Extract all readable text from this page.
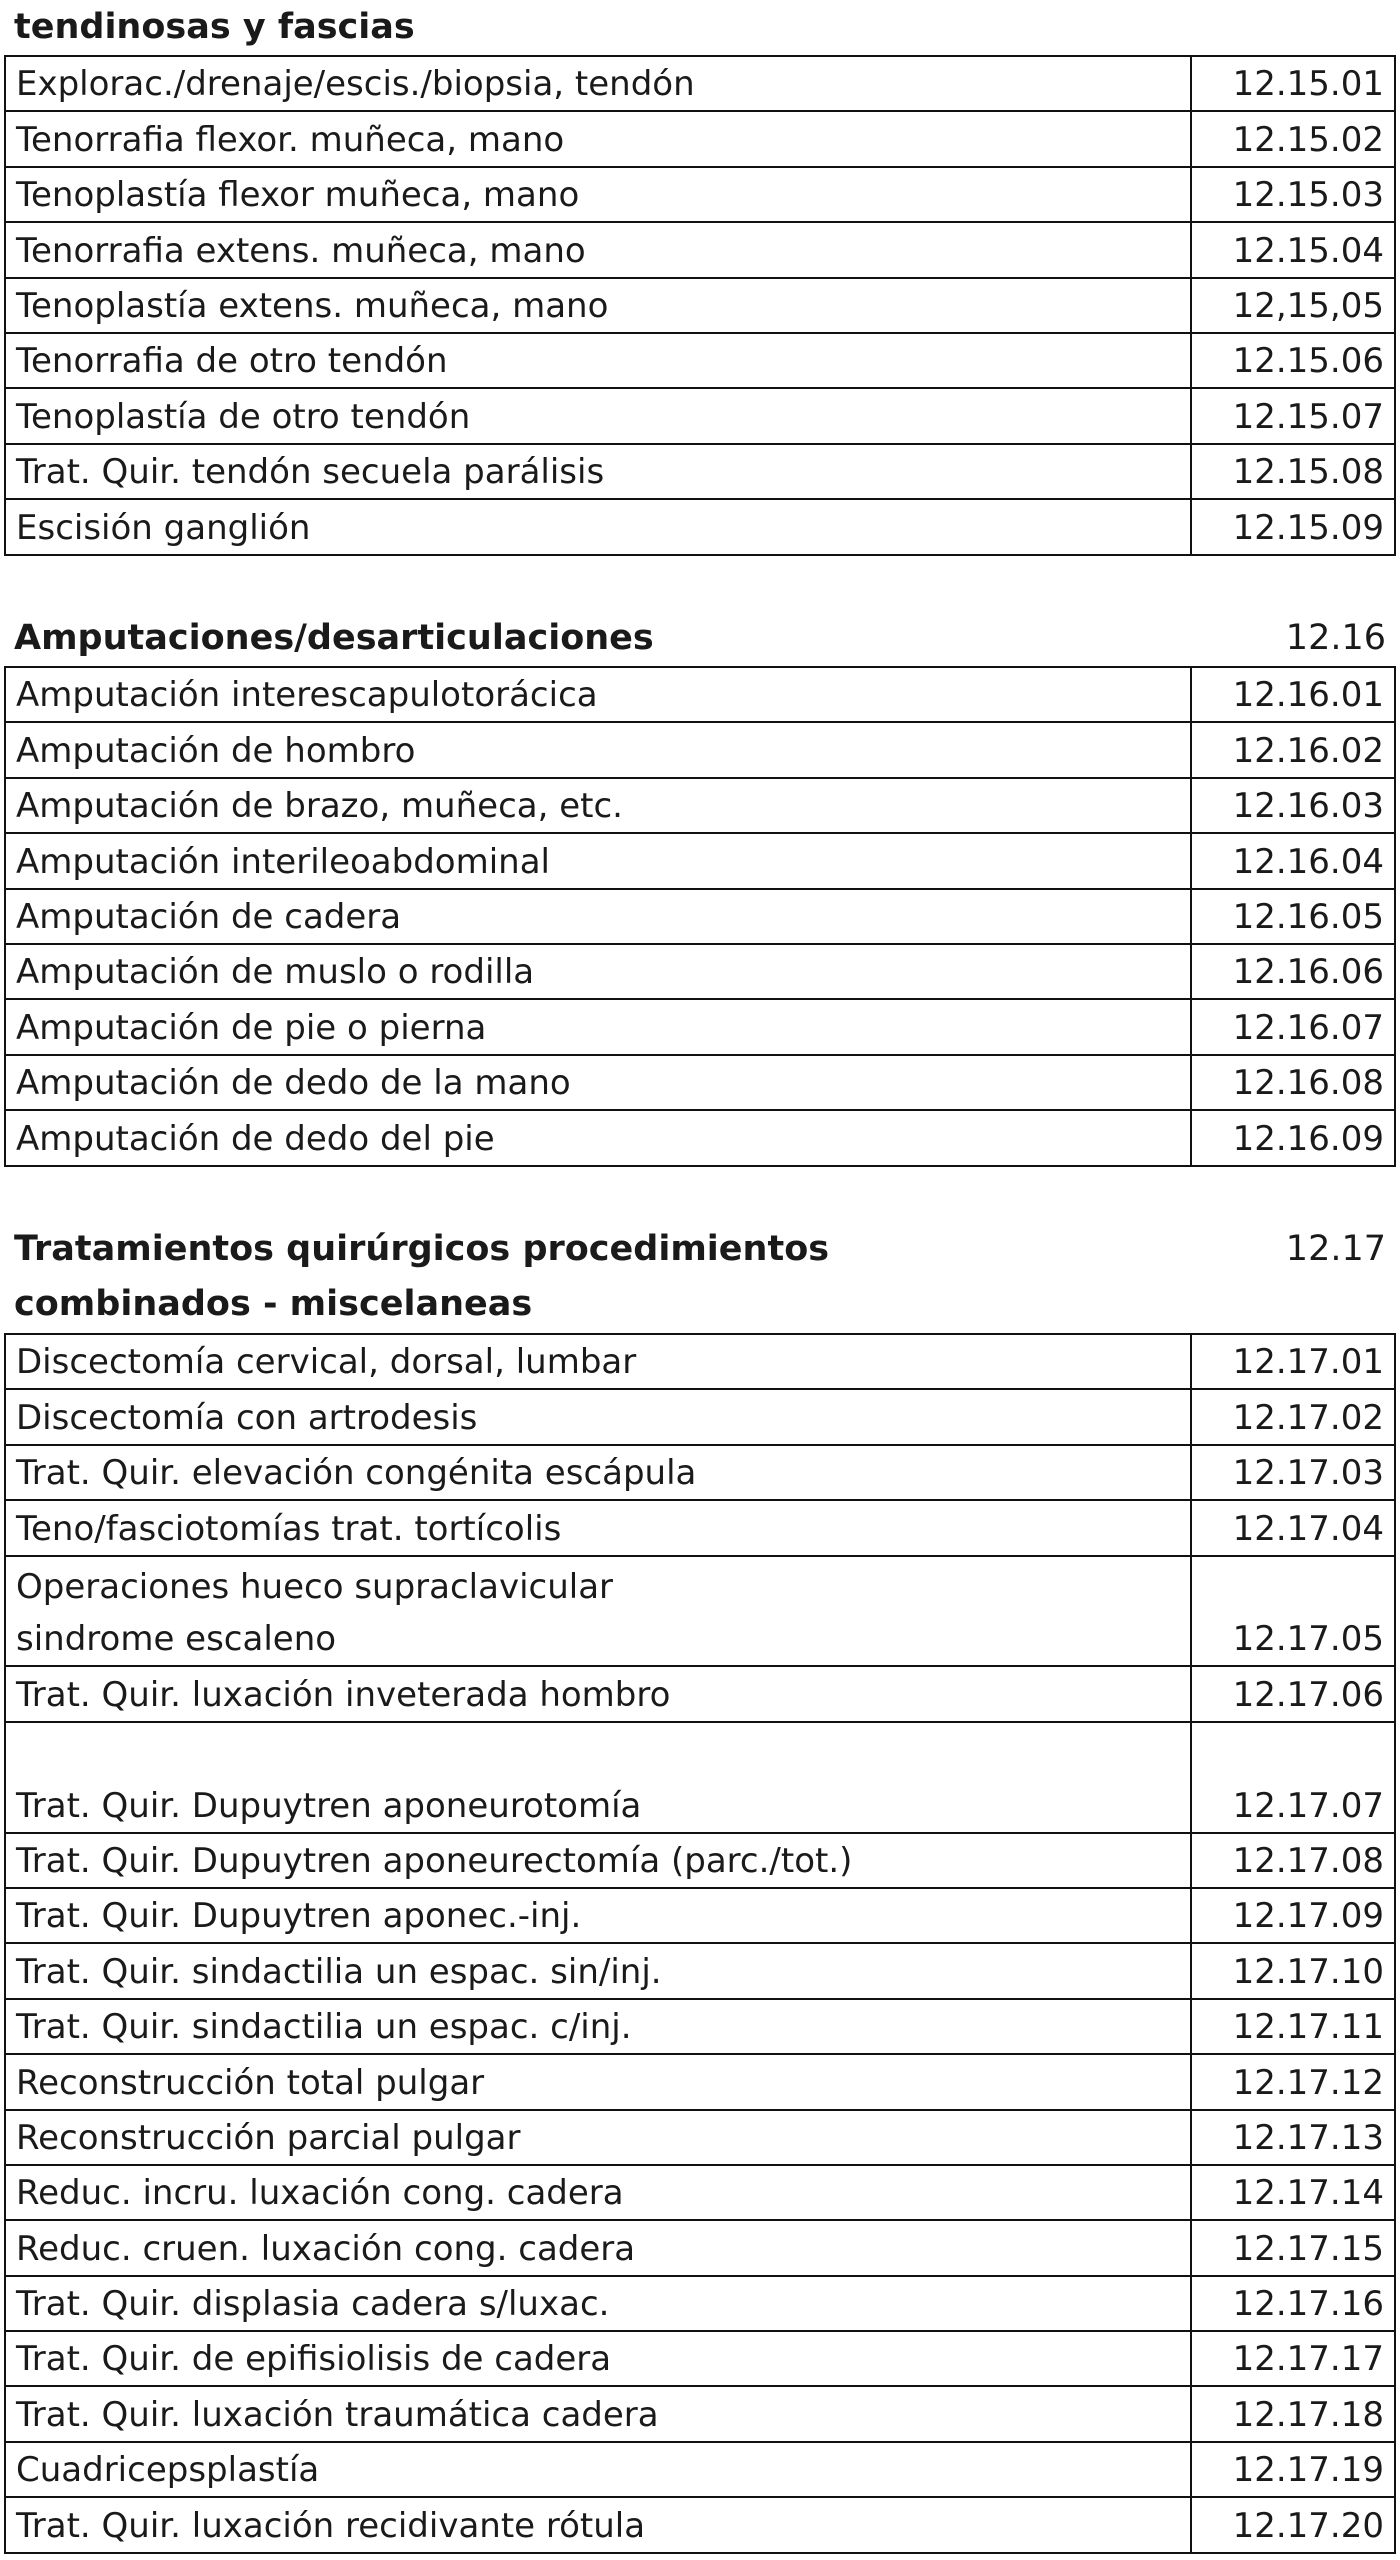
tendinosas y fascias
Explorac./drenaje/escis./biopsia, tendón	12.15.01
Tenorrafia flexor. muñeca, mano	12.15.02
Tenoplastía flexor muñeca, mano	12.15.03
Tenorrafia extens. muñeca, mano	12.15.04
Tenoplastía extens. muñeca, mano	12,15,05
Tenorrafia de otro tendón	12.15.06
Tenoplastía de otro tendón	12.15.07
Trat. Quir. tendón secuela parálisis	12.15.08
Escisión ganglión	12.15.09
Amputaciones/desarticulaciones	12.16
Amputación interescapulotorácica	12.16.01
Amputación de hombro	12.16.02
Amputación de brazo, muñeca, etc.	12.16.03
Amputación interileoabdominal	12.16.04
Amputación de cadera	12.16.05
Amputación de muslo o rodilla	12.16.06
Amputación de pie o pierna	12.16.07
Amputación de dedo de la mano	12.16.08
Amputación de dedo del pie	12.16.09
Tratamientos quirúrgicos procedimientos
combinados - miscelaneas
12.17
Discectomía cervical, dorsal, lumbar	12.17.01
Discectomía con artrodesis	12.17.02
Trat. Quir. elevación congénita escápula	12.17.03
Teno/fasciotomías trat. tortícolis	12.17.04

Operaciones hueco supraclavicular
sindrome escaleno	12.17.05
Trat. Quir. luxación inveterada hombro	12.17.06

Trat. Quir. Dupuytren aponeurotomía	12.17.07
Trat. Quir. Dupuytren aponeurectomía (parc./tot.)	12.17.08
Trat. Quir. Dupuytren aponec.-inj.	12.17.09
Trat. Quir. sindactilia un espac. sin/inj.	12.17.10
Trat. Quir. sindactilia un espac. c/inj.	12.17.11
Reconstrucción total pulgar	12.17.12
Reconstrucción parcial pulgar	12.17.13
Reduc. incru. luxación cong. cadera	12.17.14
Reduc. cruen. luxación cong. cadera	12.17.15
Trat. Quir. displasia cadera s/luxac.	12.17.16
Trat. Quir. de epifisiolisis de cadera	12.17.17
Trat. Quir. luxación traumática cadera	12.17.18
Cuadricepsplastía	12.17.19
Trat. Quir. luxación recidivante rótula	12.17.20
